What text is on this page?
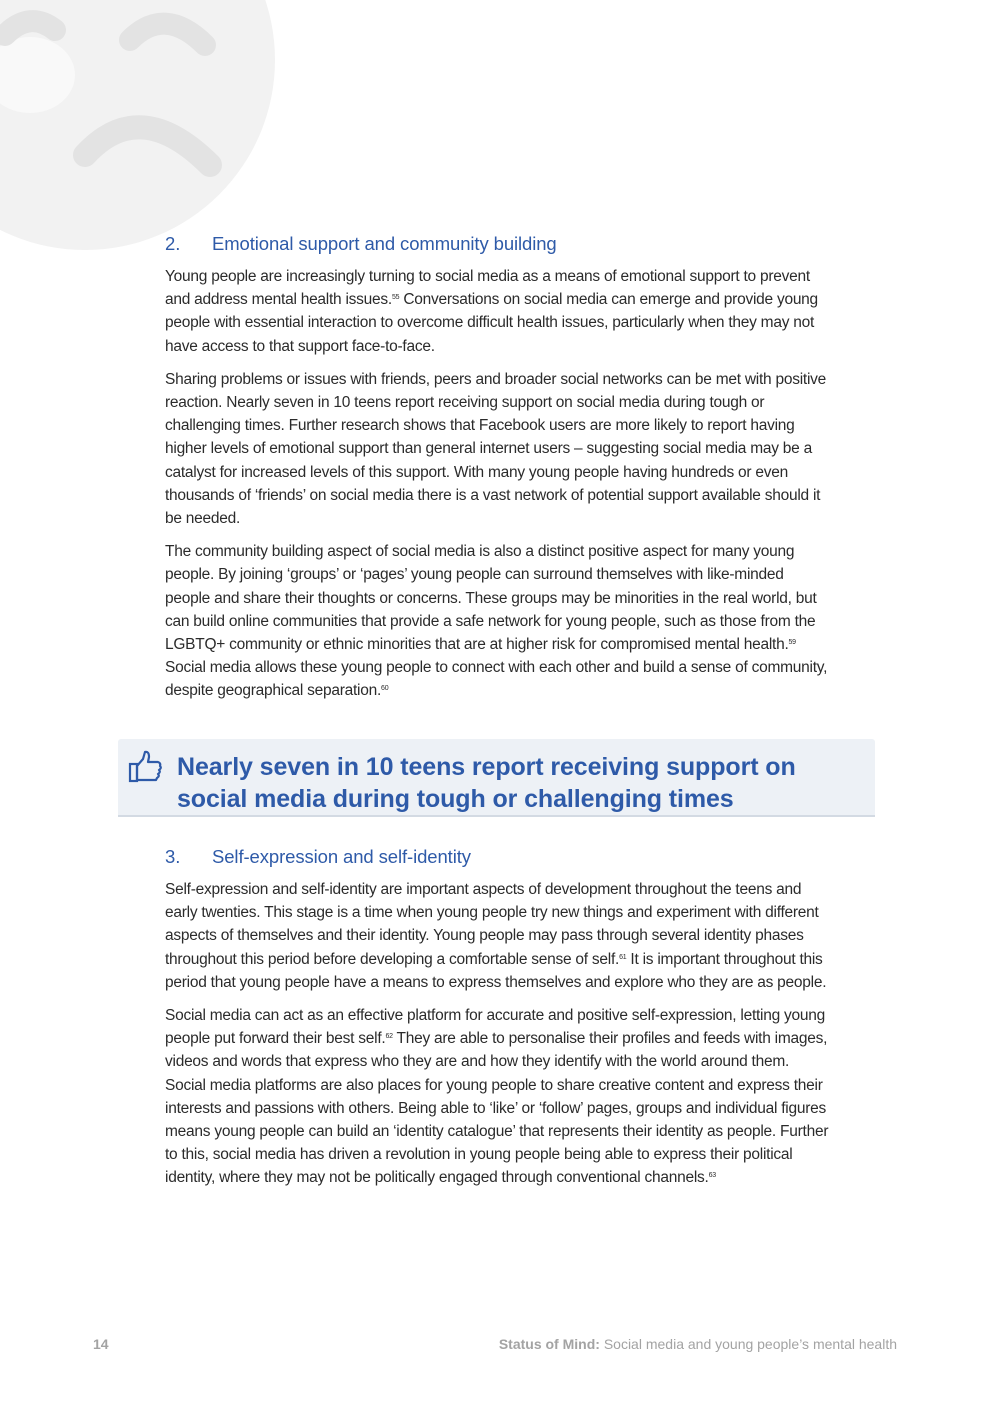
2. Emotional support and community building

Young people are increasingly turning to social media as a means of emotional support to prevent and address mental health issues.$^{55}$ Conversations on social media can emerge and provide young people with essential interaction to overcome difficult health issues, particularly when they may not have access to that support face-to-face.

Sharing problems or issues with friends, peers and broader social networks can be met with positive reaction. Nearly seven in 10 teens report receiving support on social media during tough or challenging times. Further research shows that Facebook users are more likely to report having higher levels of emotional support than general internet users – suggesting social media may be a catalyst for increased levels of this support. With many young people having hundreds or even thousands of ‘friends’ on social media there is a vast network of potential support available should it be needed.

The community building aspect of social media is also a distinct positive aspect for many young people. By joining ‘groups’ or ‘pages’ young people can surround themselves with like-minded people and share their thoughts or concerns. These groups may be minorities in the real world, but can build online communities that provide a safe network for young people, such as those from the LGBTQ+ community or ethnic minorities that are at higher risk for compromised mental health.$^{59}$ Social media allows these young people to connect with each other and build a sense of community, despite geographical separation.$^{60}$

Nearly seven in 10 teens report receiving support on social media during tough or challenging times
3. Self-expression and self-identity

Self-expression and self-identity are important aspects of development throughout the teens and early twenties. This stage is a time when young people try new things and experiment with different aspects of themselves and their identity. Young people may pass through several identity phases throughout this period before developing a comfortable sense of self.$^{61}$ It is important throughout this period that young people have a means to express themselves and explore who they are as people.

Social media can act as an effective platform for accurate and positive self-expression, letting young people put forward their best self.$^{62}$ They are able to personalise their profiles and feeds with images, videos and words that express who they are and how they identify with the world around them. Social media platforms are also places for young people to share creative content and express their interests and passions with others. Being able to ‘like’ or ‘follow’ pages, groups and individual figures means young people can build an ‘identity catalogue’ that represents their identity as people. Further to this, social media has driven a revolution in young people being able to express their political identity, where they may not be politically engaged through conventional channels.$^{63}$

14	Status of Mind: Social media and young people’s mental health
